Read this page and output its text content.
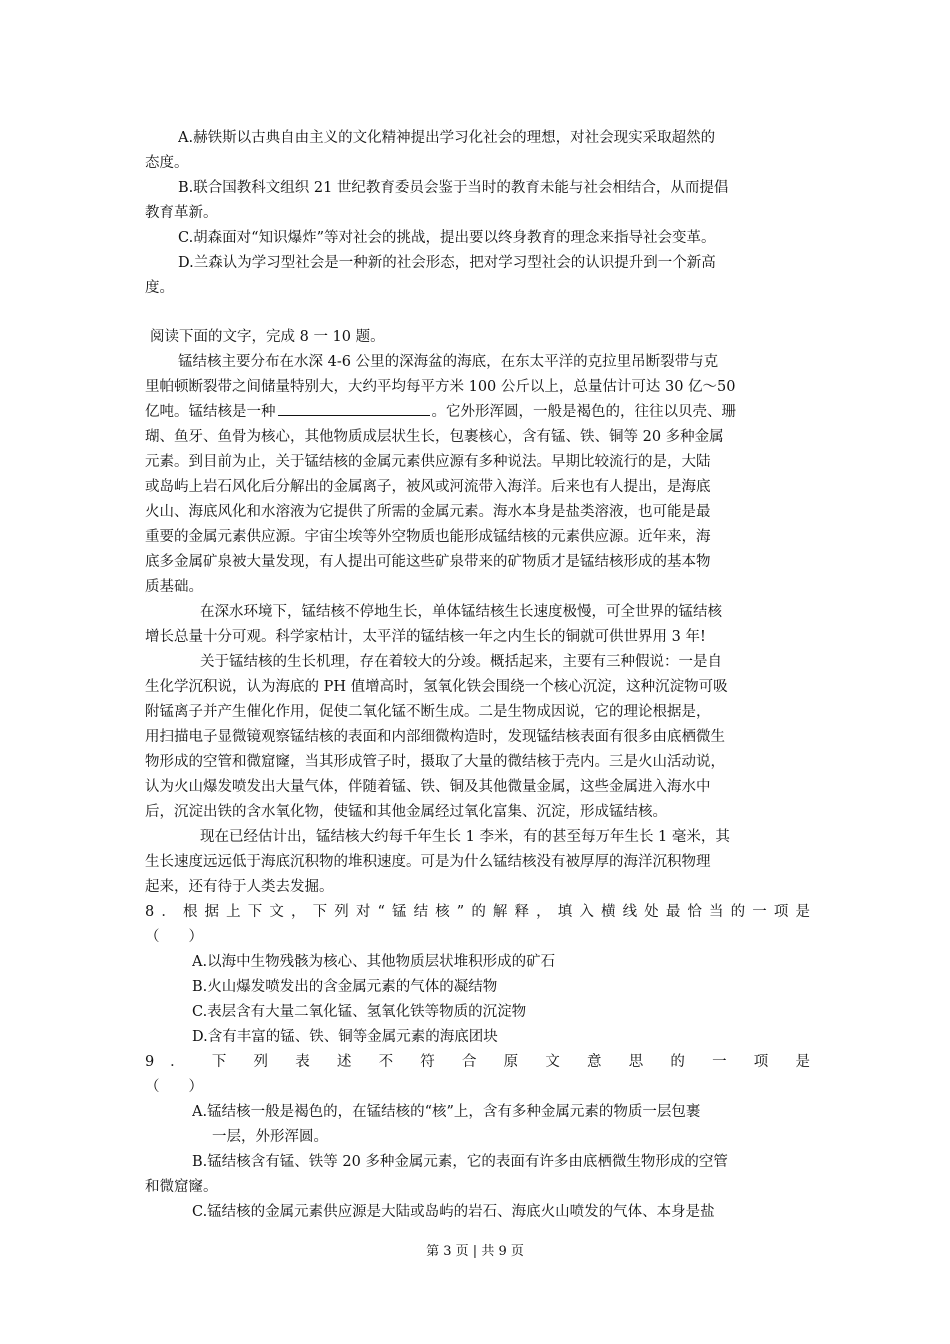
A.赫铁斯以古典自由主义的文化精神提出学习化社会的理想，对社会现实采取超然的
态度。
B.联合国教科文组织 21 世纪教育委员会鉴于当时的教育未能与社会相结合，从而提倡
教育革新。
C.胡森面对“知识爆炸”等对社会的挑战，提出要以终身教育的理念来指导社会变革。
D.兰森认为学习型社会是一种新的社会形态，把对学习型社会的认识提升到一个新高
度。
阅读下面的文字，完成 8 一 10 题。
锰结核主要分布在水深 4-6 公里的深海盆的海底，在东太平洋的克拉里吊断裂带与克
里帕顿断裂带之间储量特别大，大约平均每平方米 100 公斤以上，总量估计可达 30 亿～50
亿吨。锰结核是一种	。它外形浑圆，一般是褐色的，往往以贝壳、珊
瑚、鱼牙、鱼骨为核心，其他物质成层状生长，包裹核心，含有锰、铁、铜等 20 多种金属
元素。到目前为止，关于锰结核的金属元素供应源有多种说法。早期比较流行的是，大陆
或岛屿上岩石风化后分解出的金属离子，被风或河流带入海洋。后来也有人提出，是海底
火山、海底风化和水溶液为它提供了所需的金属元素。海水本身是盐类溶液，也可能是最
重要的金属元素供应源。宇宙尘埃等外空物质也能形成锰结核的元素供应源。近年来，海
底多金属矿泉被大量发现，有人提出可能这些矿泉带来的矿物质才是锰结核形成的基本物
质基础。
在深水环境下，锰结核不停地生长，单体锰结核生长速度极慢，可全世界的锰结核
增长总量十分可观。科学家枯计，太平洋的锰结核一年之内生长的铜就可供世界用 3 年!
关于锰结核的生长机理，存在着较大的分竣。概括起来，主要有三种假说：一是自
生化学沉积说，认为海底的 PH 值增高时，氢氧化铁会围绕一个核心沉淀，这种沉淀物可吸
附锰离子并产生催化作用，促使二氧化锰不断生成。二是生物成因说，它的理论根据是，
用扫描电子显微镜观察锰结核的表面和内部细微构造时，发现锰结核表面有很多由底栖微生
物形成的空管和微窟窿，当其形成管子时，摄取了大量的微结核于壳内。三是火山活动说，
认为火山爆发喷发出大量气体，伴随着锰、铁、铜及其他微量金属，这些金属进入海水中
后，沉淀出铁的含水氧化物，使锰和其他金属经过氧化富集、沉淀，形成锰结核。
现在已经估计出，锰结核大约每千年生长 1 李米，有的甚至每万年生长 1 毫米，其
生长速度远远低于海底沉积物的堆积速度。可是为什么锰结核没有被厚厚的海洋沉积物理
起来，还有待于人类去发掘。
8．根据上下文，下列对“锰结核”的解释，填入横线处最恰当的一项是
（　　）
A.以海中生物残骸为核心、其他物质层状堆积形成的矿石
B.火山爆发喷发出的含金属元素的气体的凝结物
C.表层含有大量二氧化锰、氢氧化铁等物质的沉淀物
D.含有丰富的锰、铁、铜等金属元素的海底团块
9 ． 下 列 表 述 不 符 合 原 文 意 思 的 一 项 是
（　　）
A.锰结核一般是褐色的，在锰结核的“核”上，含有多种金属元素的物质一层包裹
一层，外形浑圆。
B.锰结核含有锰、铁等 20 多种金属元素，它的表面有许多由底栖微生物形成的空管
和微窟窿。
C.锰结核的金属元素供应源是大陆或岛屿的岩石、海底火山喷发的气体、本身是盐
第 3 页 | 共 9 页
